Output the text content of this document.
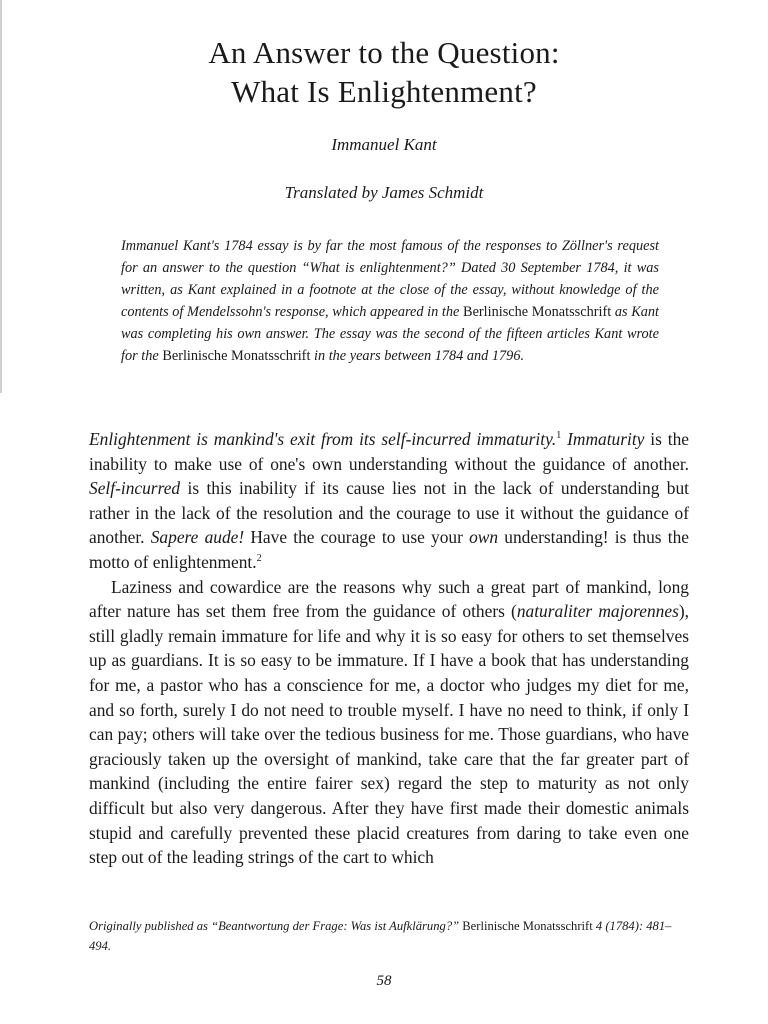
An Answer to the Question:
What Is Enlightenment?
Immanuel Kant
Translated by James Schmidt
Immanuel Kant's 1784 essay is by far the most famous of the responses to Zöllner's request for an answer to the question “What is enlightenment?” Dated 30 September 1784, it was written, as Kant explained in a footnote at the close of the essay, without knowledge of the contents of Mendelssohn's response, which appeared in the Berlinische Monatsschrift as Kant was completing his own answer. The essay was the second of the fifteen articles Kant wrote for the Berlinische Monatsschrift in the years between 1784 and 1796.

Enlightenment is mankind's exit from its self-incurred immaturity.$^1$ Immaturity is the inability to make use of one's own understanding without the guidance of another. Self-incurred is this inability if its cause lies not in the lack of understanding but rather in the lack of the resolution and the courage to use it without the guidance of another. Sapere aude! Have the courage to use your own understanding! is thus the motto of enlightenment.$^2$

Laziness and cowardice are the reasons why such a great part of mankind, long after nature has set them free from the guidance of others (naturaliter majorennes), still gladly remain immature for life and why it is so easy for others to set themselves up as guardians. It is so easy to be immature. If I have a book that has understanding for me, a pastor who has a conscience for me, a doctor who judges my diet for me, and so forth, surely I do not need to trouble myself. I have no need to think, if only I can pay; others will take over the tedious business for me. Those guardians, who have graciously taken up the oversight of mankind, take care that the far greater part of mankind (including the entire fairer sex) regard the step to maturity as not only difficult but also very dangerous. After they have first made their domestic animals stupid and carefully prevented these placid creatures from daring to take even one step out of the leading strings of the cart to which

Originally published as “Beantwortung der Frage: Was ist Aufklärung?” Berlinische Monatsschrift 4 (1784): 481–494.
58
